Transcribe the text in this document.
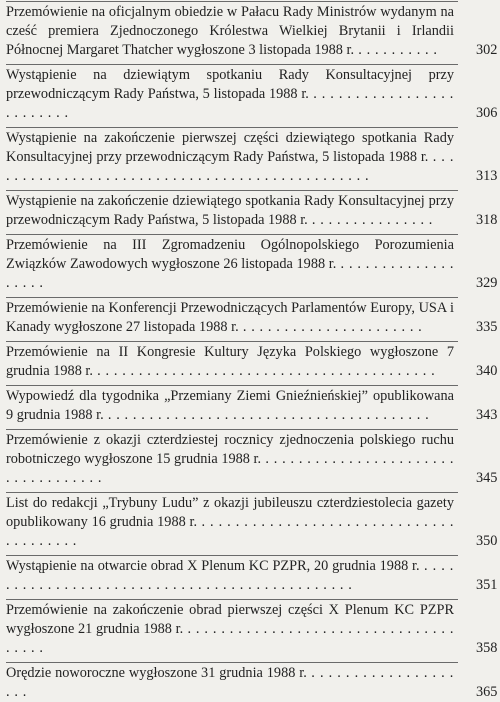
Przemówienie na oficjalnym obiedzie w Pałacu Rady Ministrów wydanym na cześć premiera Zjednoczonego Królestwa Wielkiej Brytanii i Irlandii Północnej Margaret Thatcher wygłoszone 3 listopada 1988 r. . . . . . . . . . .	302
Wystąpienie na dziewiątym spotkaniu Rady Konsultacyjnej przy przewodniczącym Rady Państwa, 5 listopada 1988 r. . . . . . . . . . . . . . . . . . . . . . . . . .	306
Wystąpienie na zakończenie pierwszej części dziewiątego spotkania Rady Konsultacyjnej przy przewodniczącym Rady Państwa, 5 listopada 1988 r. . . . . . . . . . . . . . . . . . . . . . . . . . . . . . . . . . . . . . . . . . . . . . . .	313
Wystąpienie na zakończenie dziewiątego spotkania Rady Konsultacyjnej przy przewodniczącym Rady Państwa, 5 listopada 1988 r. . . . . . . . . . . . . . . .	318
Przemówienie na III Zgromadzeniu Ogólnopolskiego Porozumienia Związków Zawodowych wygłoszone 26 listopada 1988 r. . . . . . . . . . . . . . . . . . . .	329
Przemówienie na Konferencji Przewodniczących Parlamentów Europy, USA i Kanady wygłoszone 27 listopada 1988 r. . . . . . . . . . . . . . . . . . . . . . .	335
Przemówienie na II Kongresie Kultury Języka Polskiego wygłoszone 7 grudnia 1988 r. . . . . . . . . . . . . . . . . . . . . . . . . . . . . . . . . . . . . . . . . .	340
Wypowiedź dla tygodnika „Przemiany Ziemi Gnieźnieńskiej” opublikowana 9 grudnia 1988 r. . . . . . . . . . . . . . . . . . . . . . . . . . . . . . . . . . . . . . . .	343
Przemówienie z okazji czterdziestej rocznicy zjednoczenia polskiego ruchu robotniczego wygłoszone 15 grudnia 1988 r. . . . . . . . . . . . . . . . . . . . . . . . . . . . . . . . . . . .	345
List do redakcji „Trybuny Ludu” z okazji jubileuszu czterdziestolecia gazety opublikowany 16 grudnia 1988 r. . . . . . . . . . . . . . . . . . . . . . . . . . . . . . . . . . . . . . . .	350
Wystąpienie na otwarcie obrad X Plenum KC PZPR, 20 grudnia 1988 r. . . . . . . . . . . . . . . . . . . . . . . . . . . . . . . . . . . . . . . . . . . . . . .	351
Przemówienie na zakończenie obrad pierwszej części X Plenum KC PZPR wygłoszone 21 grudnia 1988 r. . . . . . . . . . . . . . . . . . . . . . . . . . . . . . . . . . . . . .	358
Orędzie noworoczne wygłoszone 31 grudnia 1988 r. . . . . . . . . . . . . . . . . . . . .	365
